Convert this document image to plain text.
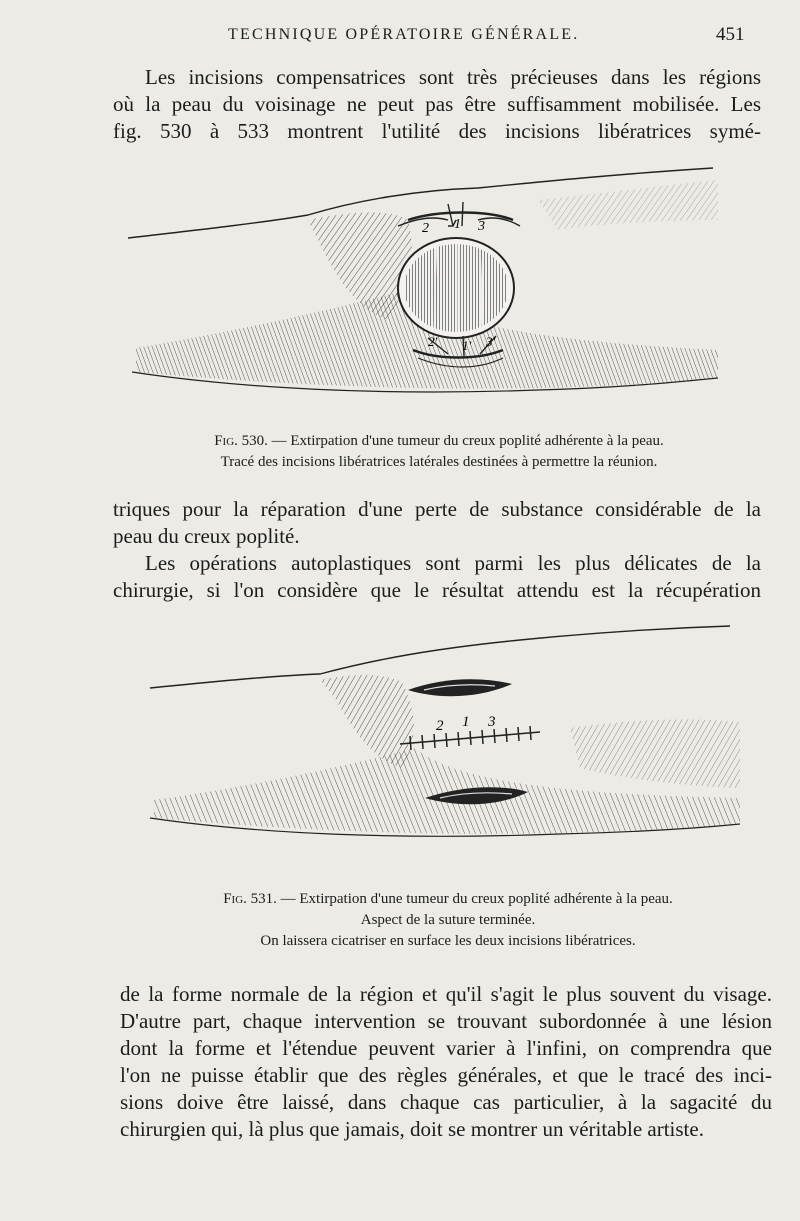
TECHNIQUE OPÉRATOIRE GÉNÉRALE.	451

Les incisions compensatrices sont très précieuses dans les régions
où la peau du voisinage ne peut pas être suffisamment mobilisée. Les
fig. 530 à 533 montrent l'utilité des incisions libératrices symé-

2 1 3
2' 1' 3'

Fig. 530. — Extirpation d'une tumeur du creux poplité adhérente à la peau.
Tracé des incisions libératrices latérales destinées à permettre la réunion.

triques pour la réparation d'une perte de substance considérable de la
peau du creux poplité.

Les opérations autoplastiques sont parmi les plus délicates de la
chirurgie, si l'on considère que le résultat attendu est la récupération

2 1 3

Fig. 531. — Extirpation d'une tumeur du creux poplité adhérente à la peau.
Aspect de la suture terminée.
On laissera cicatriser en surface les deux incisions libératrices.

de la forme normale de la région et qu'il s'agit le plus souvent du visage.
D'autre part, chaque intervention se trouvant subordonnée à une lésion
dont la forme et l'étendue peuvent varier à l'infini, on comprendra que
l'on ne puisse établir que des règles générales, et que le tracé des inci-
sions doive être laissé, dans chaque cas particulier, à la sagacité du
chirurgien qui, là plus que jamais, doit se montrer un véritable artiste.
